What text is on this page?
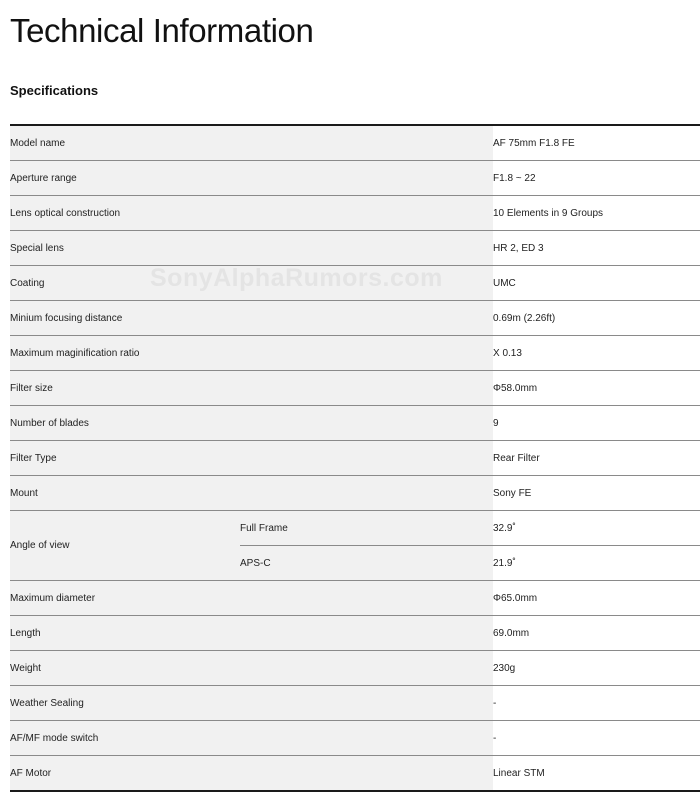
Technical Information
Specifications
Model name		AF 75mm F1.8 FE
Aperture range		F1.8 ~ 22
Lens optical construction		10 Elements in 9 Groups
Special lens		HR 2, ED 3
Coating		UMC
Minium focusing distance		0.69m (2.26ft)
Maximum maginification ratio		X 0.13
Filter size		Φ58.0mm
Number of blades		9
Filter Type		Rear Filter
Mount		Sony FE
Angle of view	Full Frame	32.9˚
	APS-C	21.9˚
Maximum diameter		Φ65.0mm
Length		69.0mm
Weight		230g
Weather Sealing		-
AF/MF mode switch		-
AF Motor		Linear STM
